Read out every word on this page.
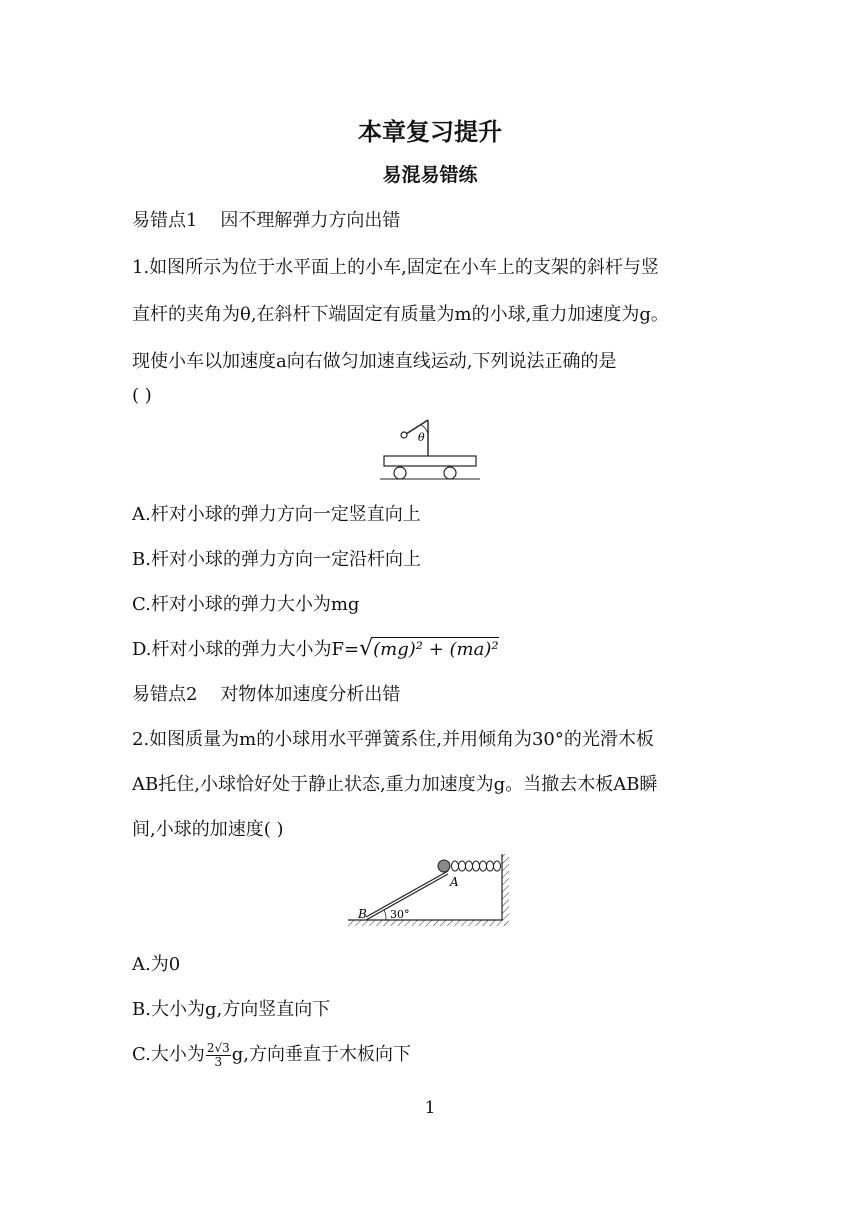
本章复习提升
易混易错练
易错点1 因不理解弹力方向出错
1.如图所示为位于水平面上的小车,固定在小车上的支架的斜杆与竖
直杆的夹角为θ,在斜杆下端固定有质量为m的小球,重力加速度为g。
现使小车以加速度a向右做匀加速直线运动,下列说法正确的是
( )
θ
A.杆对小球的弹力方向一定竖直向上
B.杆对小球的弹力方向一定沿杆向上
C.杆对小球的弹力大小为mg
D.杆对小球的弹力大小为F=√(mg)² + (ma)²
易错点2 对物体加速度分析出错
2.如图质量为m的小球用水平弹簧系住,并用倾角为30°的光滑木板
AB托住,小球恰好处于静止状态,重力加速度为g。当撤去木板AB瞬
间,小球的加速度( )
B
A
30°
A.为0
B.大小为g,方向竖直向下
C.大小为 $\frac{2√3}{3} g$,方向垂直于木板向下
1
